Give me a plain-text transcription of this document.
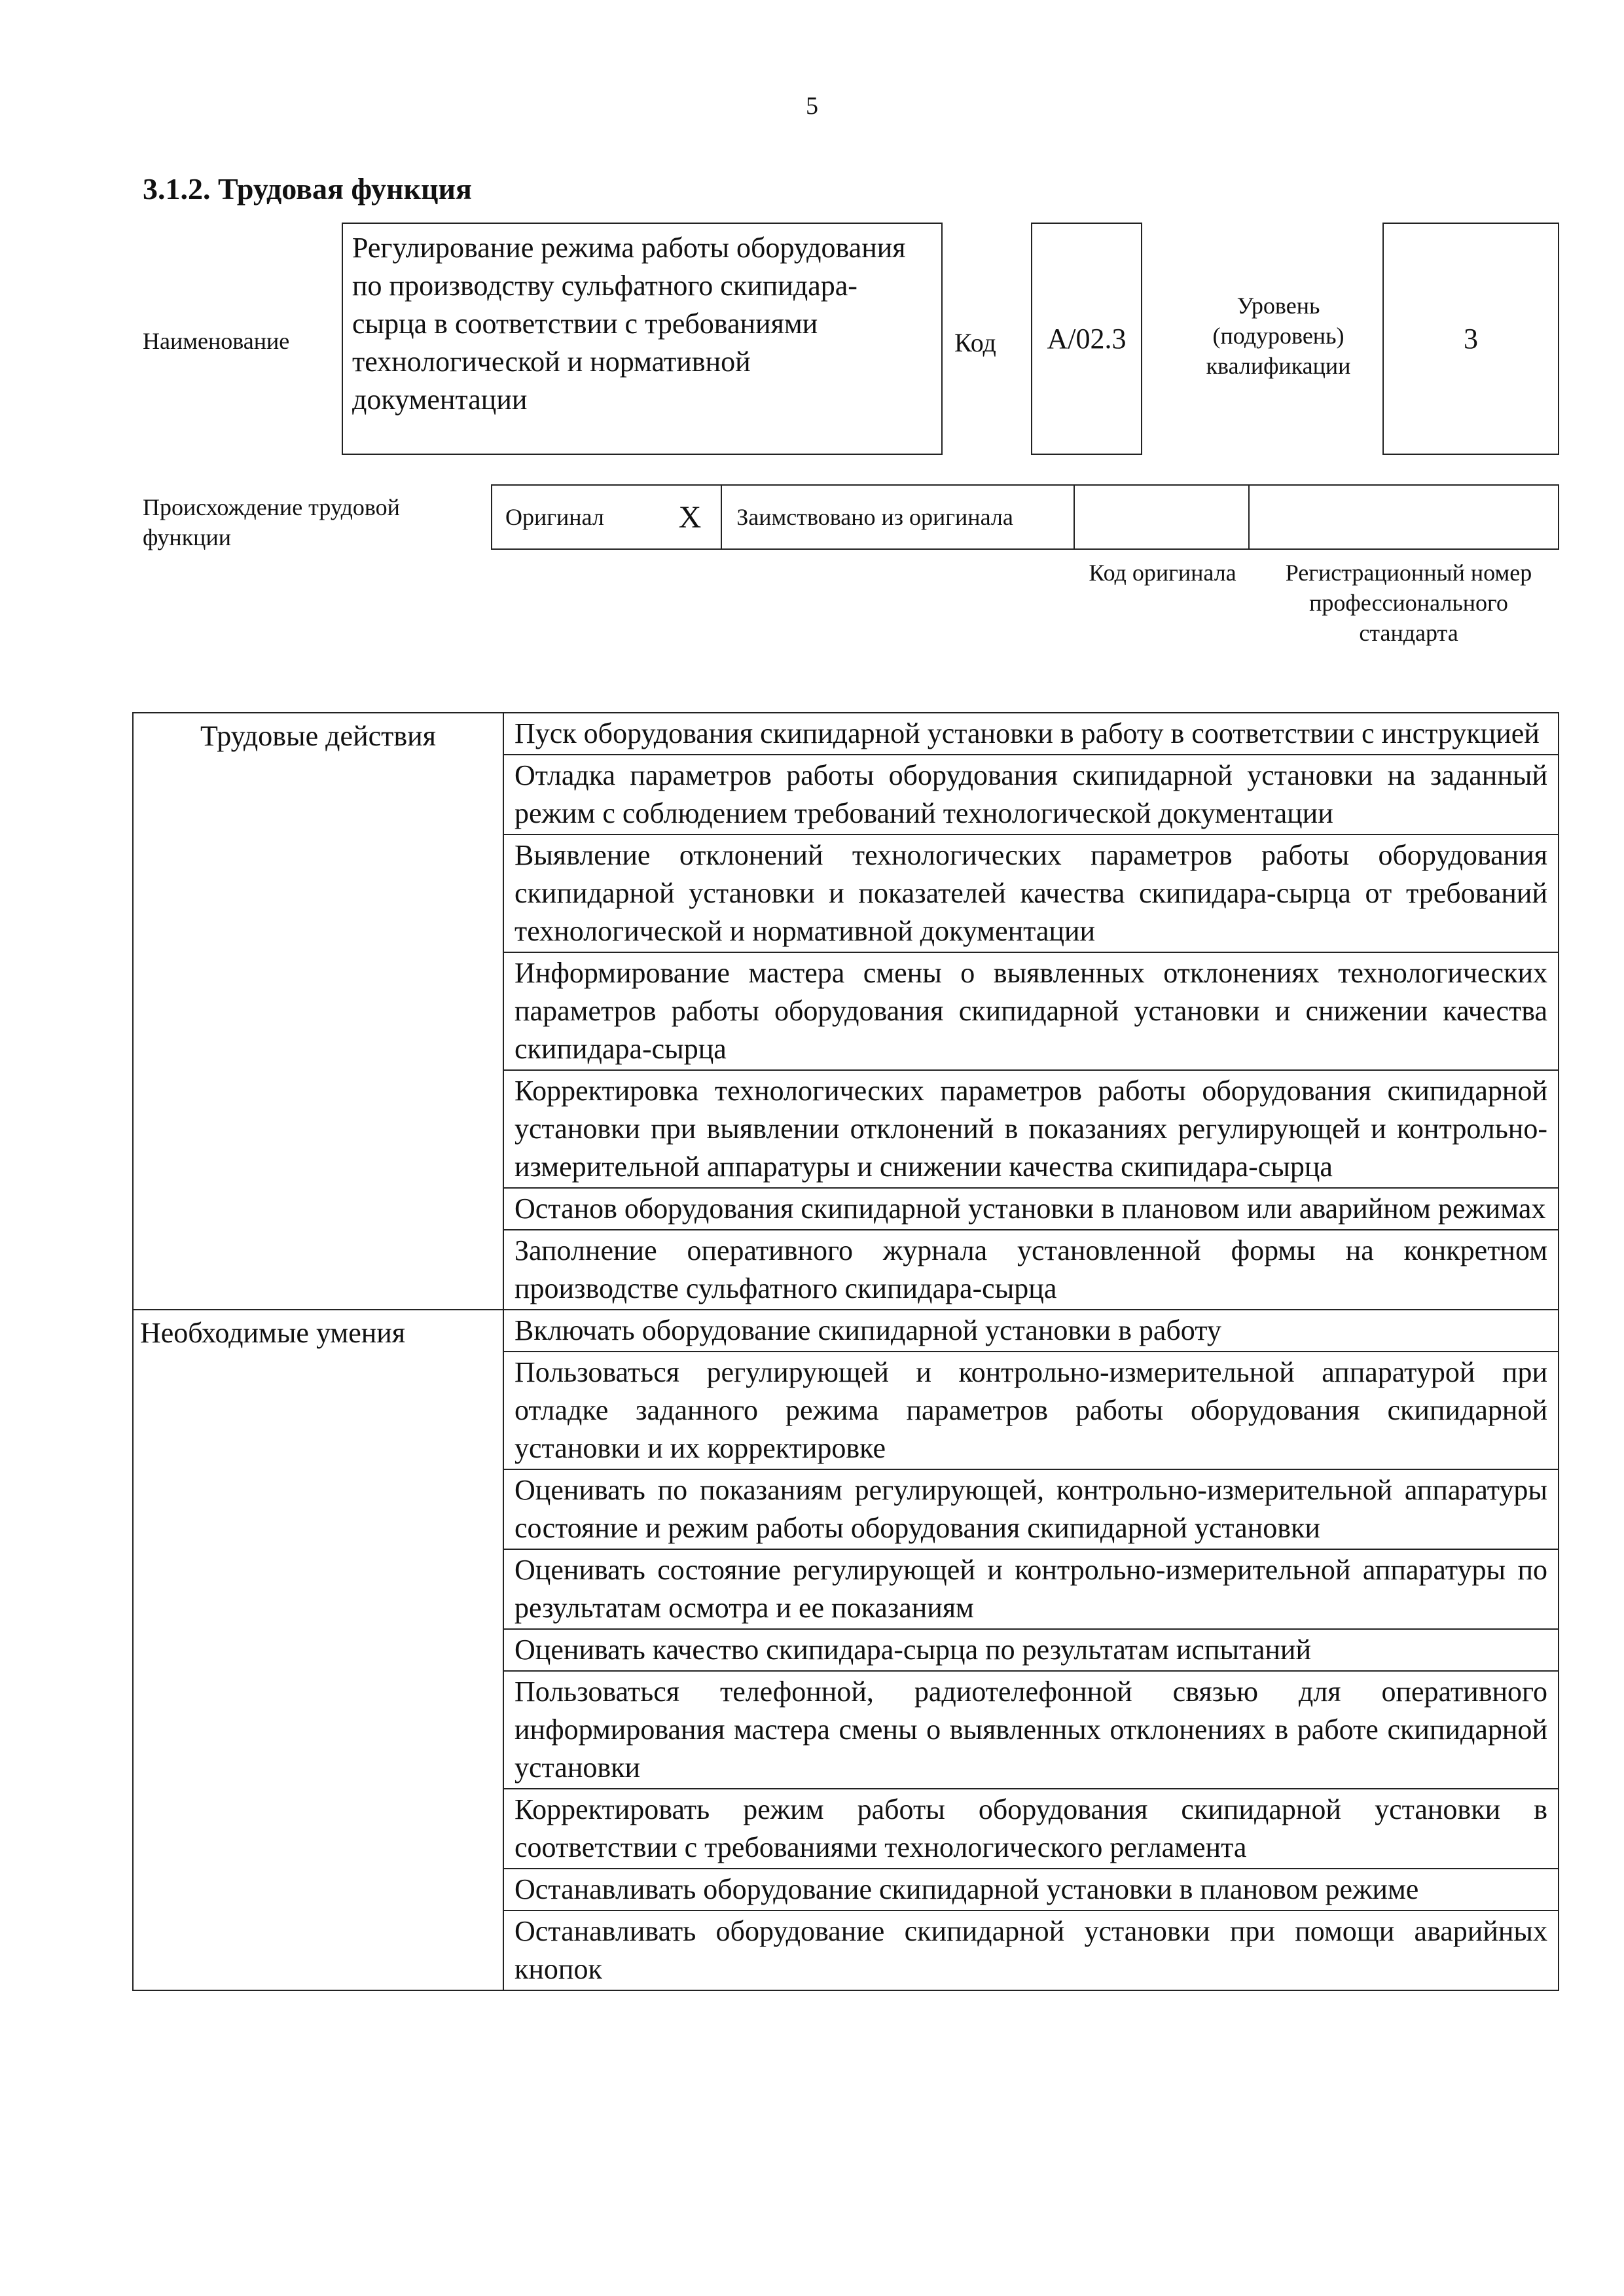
5
3.1.2. Трудовая функция
Наименование
Регулирование режима работы оборудования по производству сульфатного скипидара-сырца в соответствии с требованиями технологической и нормативной документации
Код A/02.3
Уровень (подуровень) квалификации
3
Происхождение трудовой функции
Оригинал X Заимствовано из оригинала
Код оригинала	Регистрационный номер профессионального стандарта
Трудовые действия	Пуск оборудования скипидарной установки в работу в соответствии с инструкцией
	Отладка параметров работы оборудования скипидарной установки на заданный режим с соблюдением требований технологической документации
	Выявление отклонений технологических параметров работы оборудования скипидарной установки и показателей качества скипидара-сырца от требований технологической и нормативной документации
	Информирование мастера смены о выявленных отклонениях технологических параметров работы оборудования скипидарной установки и снижении качества скипидара-сырца
	Корректировка технологических параметров работы оборудования скипидарной установки при выявлении отклонений в показаниях регулирующей и контрольно-измерительной аппаратуры и снижении качества скипидара-сырца
	Останов оборудования скипидарной установки в плановом или аварийном режимах
	Заполнение оперативного журнала установленной формы на конкретном производстве сульфатного скипидара-сырца
Необходимые умения	Включать оборудование скипидарной установки в работу
	Пользоваться регулирующей и контрольно-измерительной аппаратурой при отладке заданного режима параметров работы оборудования скипидарной установки и их корректировке
	Оценивать по показаниям регулирующей, контрольно-измерительной аппаратуры состояние и режим работы оборудования скипидарной установки
	Оценивать состояние регулирующей и контрольно-измерительной аппаратуры по результатам осмотра и ее показаниям
	Оценивать качество скипидара-сырца по результатам испытаний
	Пользоваться телефонной, радиотелефонной связью для оперативного информирования мастера смены о выявленных отклонениях в работе скипидарной установки
	Корректировать режим работы оборудования скипидарной установки в соответствии с требованиями технологического регламента
	Останавливать оборудование скипидарной установки в плановом режиме
	Останавливать оборудование скипидарной установки при помощи аварийных кнопок
